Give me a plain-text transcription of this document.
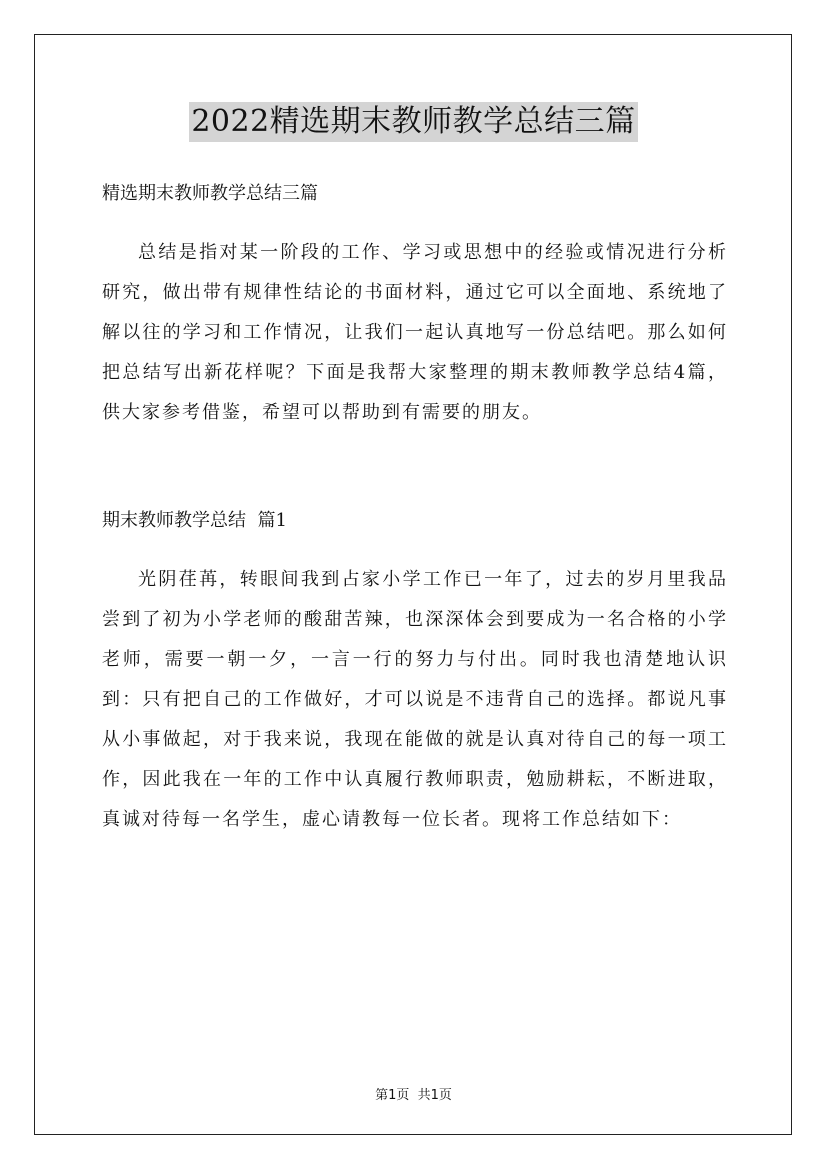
2022精选期末教师教学总结三篇

精选期末教师教学总结三篇

总结是指对某一阶段的工作、学习或思想中的经验或情况进行分析研究，做出带有规律性结论的书面材料，通过它可以全面地、系统地了解以往的学习和工作情况，让我们一起认真地写一份总结吧。那么如何把总结写出新花样呢？下面是我帮大家整理的期末教师教学总结4篇，供大家参考借鉴，希望可以帮助到有需要的朋友。

期末教师教学总结  篇1

光阴荏苒，转眼间我到占家小学工作已一年了，过去的岁月里我品尝到了初为小学老师的酸甜苦辣，也深深体会到要成为一名合格的小学老师，需要一朝一夕，一言一行的努力与付出。同时我也清楚地认识到：只有把自己的工作做好，才可以说是不违背自己的选择。都说凡事从小事做起，对于我来说，我现在能做的就是认真对待自己的每一项工作，因此我在一年的工作中认真履行教师职责，勉励耕耘，不断进取，真诚对待每一名学生，虚心请教每一位长者。现将工作总结如下：

第1页  共1页
